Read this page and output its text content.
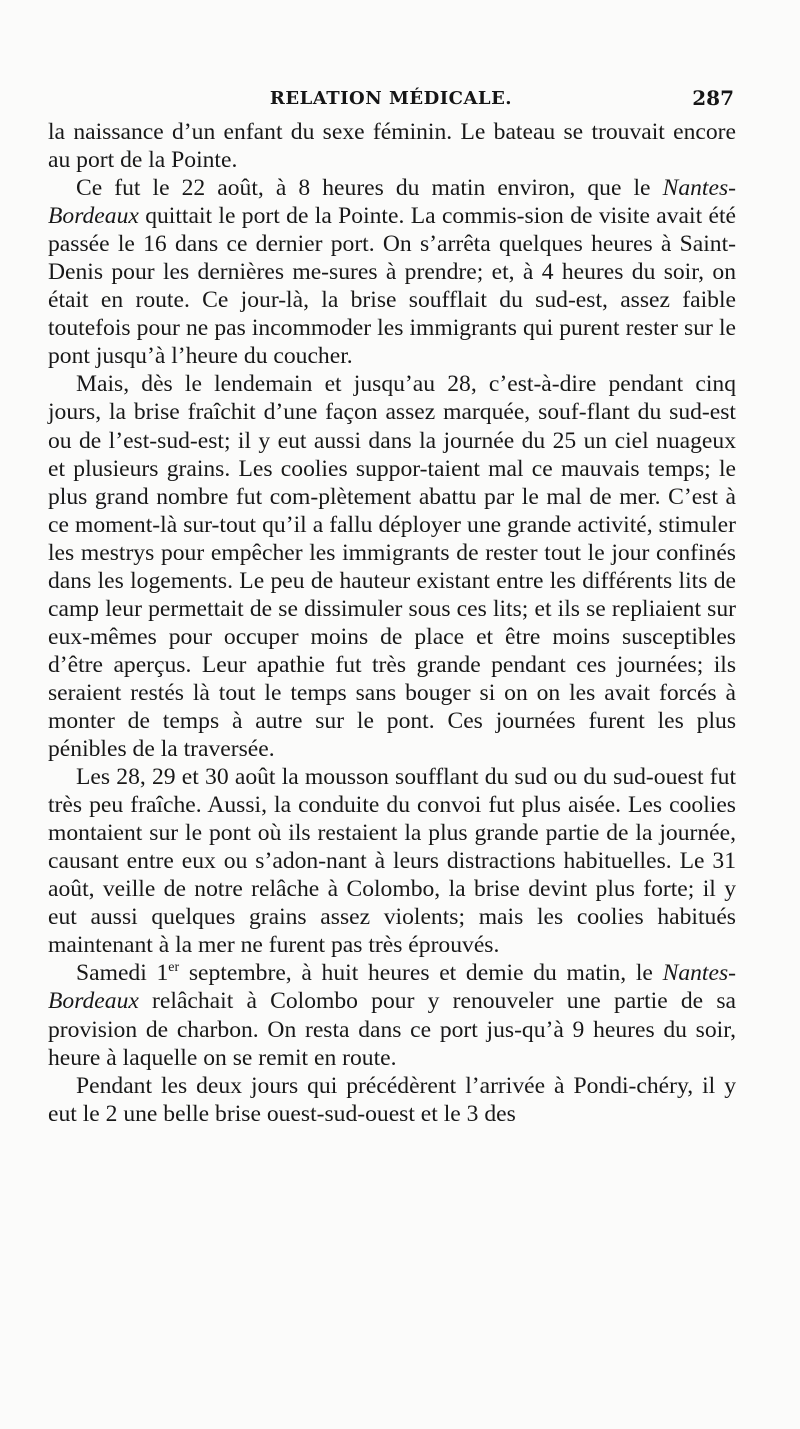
RELATION MÉDICALE.	287

la naissance d’un enfant du sexe féminin. Le bateau se trouvait encore au port de la Pointe.

Ce fut le 22 août, à 8 heures du matin environ, que le Nantes-Bordeaux quittait le port de la Pointe. La commis-sion de visite avait été passée le 16 dans ce dernier port. On s’arrêta quelques heures à Saint-Denis pour les dernières me-sures à prendre; et, à 4 heures du soir, on était en route. Ce jour-là, la brise soufflait du sud-est, assez faible toutefois pour ne pas incommoder les immigrants qui purent rester sur le pont jusqu’à l’heure du coucher.

Mais, dès le lendemain et jusqu’au 28, c’est-à-dire pendant cinq jours, la brise fraîchit d’une façon assez marquée, souf-flant du sud-est ou de l’est-sud-est; il y eut aussi dans la journée du 25 un ciel nuageux et plusieurs grains. Les coolies suppor-taient mal ce mauvais temps; le plus grand nombre fut com-plètement abattu par le mal de mer. C’est à ce moment-là sur-tout qu’il a fallu déployer une grande activité, stimuler les mestrys pour empêcher les immigrants de rester tout le jour confinés dans les logements. Le peu de hauteur existant entre les différents lits de camp leur permettait de se dissimuler sous ces lits; et ils se repliaient sur eux-mêmes pour occuper moins de place et être moins susceptibles d’être aperçus. Leur apathie fut très grande pendant ces journées; ils seraient restés là tout le temps sans bouger si on on les avait forcés à monter de temps à autre sur le pont. Ces journées furent les plus pénibles de la traversée.

Les 28, 29 et 30 août la mousson soufflant du sud ou du sud-ouest fut très peu fraîche. Aussi, la conduite du convoi fut plus aisée. Les coolies montaient sur le pont où ils restaient la plus grande partie de la journée, causant entre eux ou s’adon-nant à leurs distractions habituelles. Le 31 août, veille de notre relâche à Colombo, la brise devint plus forte; il y eut aussi quelques grains assez violents; mais les coolies habitués maintenant à la mer ne furent pas très éprouvés.

Samedi 1er septembre, à huit heures et demie du matin, le Nantes-Bordeaux relâchait à Colombo pour y renouveler une partie de sa provision de charbon. On resta dans ce port jus-qu’à 9 heures du soir, heure à laquelle on se remit en route.

Pendant les deux jours qui précédèrent l’arrivée à Pondi-chéry, il y eut le 2 une belle brise ouest-sud-ouest et le 3 des
